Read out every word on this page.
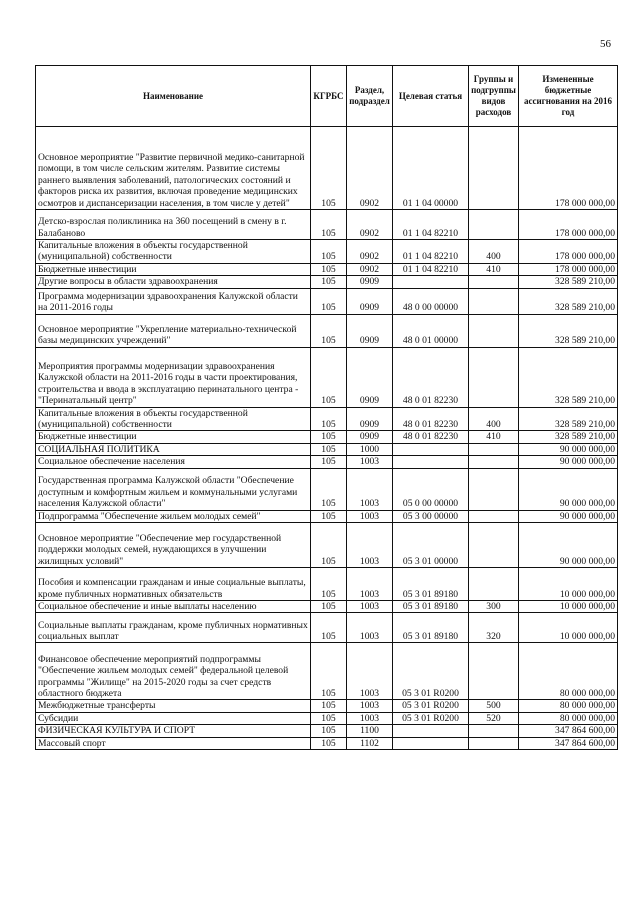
56
Наименование	КГРБС	Раздел, подраздел	Целевая статья	Группы и подгруппы видов расходов	Измененные бюджетные ассигнования на 2016 год
Основное мероприятие "Развитие первичной медико-санитарной помощи, в том числе сельским жителям. Развитие системы раннего выявления заболеваний, патологических состояний и факторов риска их развития, включая проведение медицинских осмотров и диспансеризации населения, в том числе у детей"	105	0902	01 1 04 00000		178 000 000,00
Детско-взрослая поликлиника на 360 посещений в смену в г. Балабаново	105	0902	01 1 04 82210		178 000 000,00
Капитальные вложения в объекты государственной (муниципальной) собственности	105	0902	01 1 04 82210	400	178 000 000,00
Бюджетные инвестиции	105	0902	01 1 04 82210	410	178 000 000,00
Другие вопросы в области здравоохранения	105	0909			328 589 210,00
Программа модернизации здравоохранения Калужской области на 2011-2016 годы	105	0909	48 0 00 00000		328 589 210,00
Основное мероприятие "Укрепление материально-технической базы медицинских учреждений"	105	0909	48 0 01 00000		328 589 210,00
Мероприятия программы модернизации здравоохранения Калужской области на 2011-2016 годы в части проектирования, строительства и ввода в эксплуатацию перинатального центра - "Перинатальный центр"	105	0909	48 0 01 82230		328 589 210,00
Капитальные вложения в объекты государственной (муниципальной) собственности	105	0909	48 0 01 82230	400	328 589 210,00
Бюджетные инвестиции	105	0909	48 0 01 82230	410	328 589 210,00
СОЦИАЛЬНАЯ ПОЛИТИКА	105	1000			90 000 000,00
Социальное обеспечение населения	105	1003			90 000 000,00
Государственная программа Калужской области "Обеспечение доступным и комфортным жильем и коммунальными услугами населения Калужской области"	105	1003	05 0 00 00000		90 000 000,00
Подпрограмма "Обеспечение жильем молодых семей"	105	1003	05 3 00 00000		90 000 000,00
Основное мероприятие "Обеспечение мер государственной поддержки молодых семей, нуждающихся в улучшении жилищных условий"	105	1003	05 3 01 00000		90 000 000,00
Пособия и компенсации гражданам и иные социальные выплаты, кроме публичных нормативных обязательств	105	1003	05 3 01 89180		10 000 000,00
Социальное обеспечение и иные выплаты населению	105	1003	05 3 01 89180	300	10 000 000,00
Социальные выплаты гражданам, кроме публичных нормативных социальных выплат	105	1003	05 3 01 89180	320	10 000 000,00
Финансовое обеспечение мероприятий подпрограммы "Обеспечение жильем молодых семей" федеральной целевой программы "Жилище" на 2015-2020 годы за счет средств областного бюджета	105	1003	05 3 01 R0200		80 000 000,00
Межбюджетные трансферты	105	1003	05 3 01 R0200	500	80 000 000,00
Субсидии	105	1003	05 3 01 R0200	520	80 000 000,00
ФИЗИЧЕСКАЯ КУЛЬТУРА И СПОРТ	105	1100			347 864 600,00
Массовый спорт	105	1102			347 864 600,00
